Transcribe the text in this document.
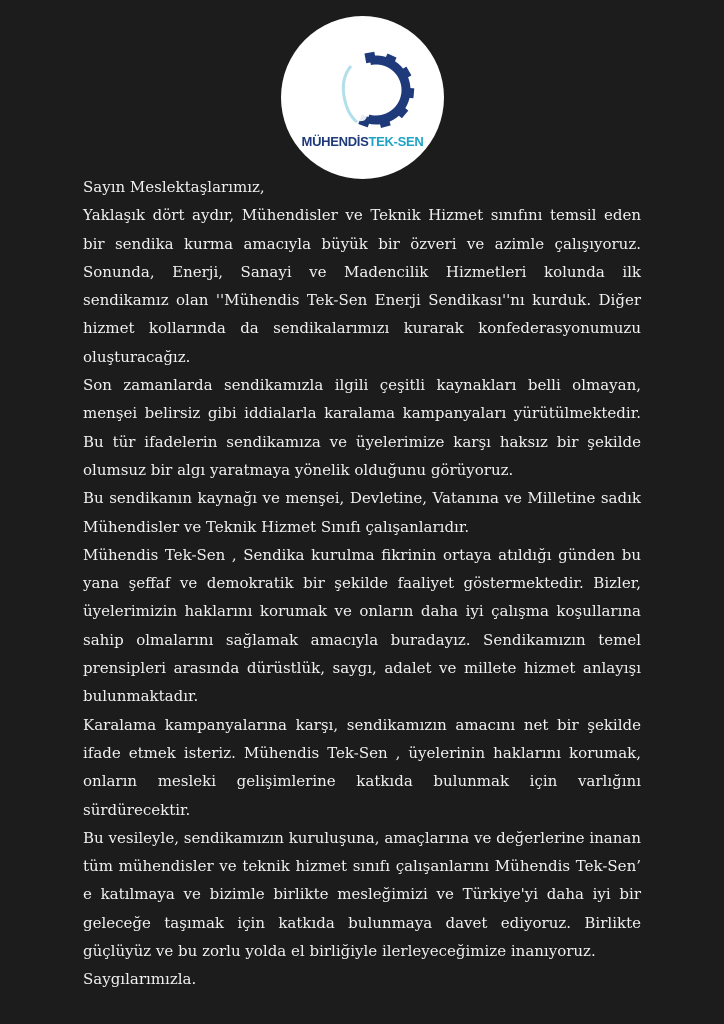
MÜHENDİSTEK-SEN

Sayın Meslektaşlarımız,

Yaklaşık dört aydır, Mühendisler ve Teknik Hizmet sınıfını temsil eden bir sendika kurma amacıyla büyük bir özveri ve azimle çalışıyoruz. Sonunda, Enerji, Sanayi ve Madencilik Hizmetleri kolunda ilk sendikamız olan ''Mühendis Tek-Sen Enerji Sendikası''nı kurduk. Diğer hizmet kollarında da sendikalarımızı kurarak konfederasyonumuzu oluşturacağız.

Son zamanlarda sendikamızla ilgili çeşitli kaynakları belli olmayan, menşei belirsiz gibi iddialarla karalama kampanyaları yürütülmektedir. Bu tür ifadelerin sendikamıza ve üyelerimize karşı haksız bir şekilde olumsuz bir algı yaratmaya yönelik olduğunu görüyoruz.

Bu sendikanın kaynağı ve menşei, Devletine, Vatanına ve Milletine sadık Mühendisler ve Teknik Hizmet Sınıfı çalışanlarıdır.

Mühendis Tek-Sen , Sendika kurulma fikrinin ortaya atıldığı günden bu yana şeffaf ve demokratik bir şekilde faaliyet göstermektedir. Bizler, üyelerimizin haklarını korumak ve onların daha iyi çalışma koşullarına sahip olmalarını sağlamak amacıyla buradayız. Sendikamızın temel prensipleri arasında dürüstlük, saygı, adalet ve millete hizmet anlayışı bulunmaktadır.

Karalama kampanyalarına karşı, sendikamızın amacını net bir şekilde ifade etmek isteriz. Mühendis Tek-Sen , üyelerinin haklarını korumak, onların mesleki gelişimlerine katkıda bulunmak için varlığını sürdürecektir.

Bu vesileyle, sendikamızın kuruluşuna, amaçlarına ve değerlerine inanan tüm mühendisler ve teknik hizmet sınıfı çalışanlarını Mühendis Tek-Sen’ e katılmaya ve bizimle birlikte mesleğimizi ve Türkiye'yi daha iyi bir geleceğe taşımak için katkıda bulunmaya davet ediyoruz. Birlikte güçlüyüz ve bu zorlu yolda el birliğiyle ilerleyeceğimize inanıyoruz.

Saygılarımızla.
